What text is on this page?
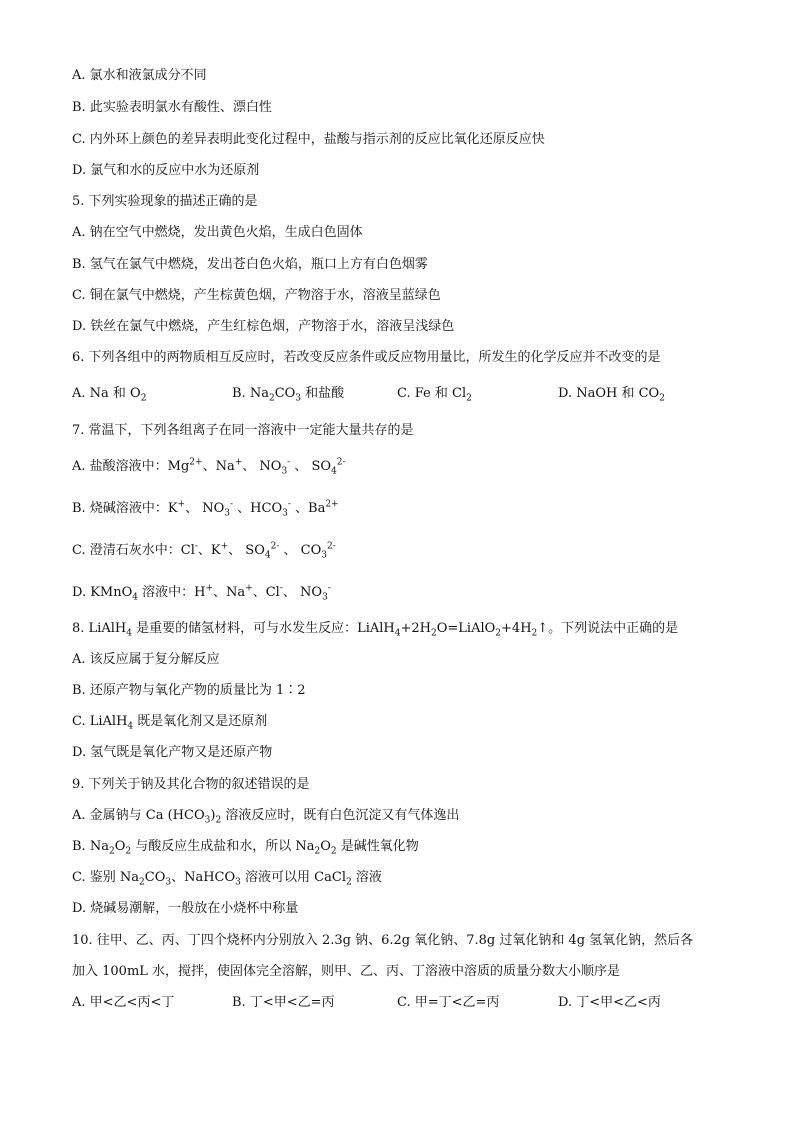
A. 氯水和液氯成分不同
B. 此实验表明氯水有酸性、漂白性
C. 内外环上颜色的差异表明此变化过程中，盐酸与指示剂的反应比氧化还原反应快
D. 氯气和水的反应中水为还原剂
5. 下列实验现象的描述正确的是
A. 钠在空气中燃烧，发出黄色火焰，生成白色固体
B. 氢气在氯气中燃烧，发出苍白色火焰，瓶口上方有白色烟雾
C. 铜在氯气中燃烧，产生棕黄色烟，产物溶于水，溶液呈蓝绿色
D. 铁丝在氯气中燃烧，产生红棕色烟，产物溶于水，溶液呈浅绿色
6. 下列各组中的两物质相互反应时，若改变反应条件或反应物用量比，所发生的化学反应并不改变的是
A. Na 和 $O_2$	B. $Na_2CO_3$ 和盐酸	C. Fe 和 $Cl_2$	D. NaOH 和 $CO_2$
7. 常温下，下列各组离子在同一溶液中一定能大量共存的是
A. 盐酸溶液中：$Mg^{2+}$、Na+、 $NO_3^-$ 、 $SO_4^{2-}$
B. 烧碱溶液中：K+、 $NO_3^-$ 、$HCO_3^-$ 、$Ba^{2+}$
C. 澄清石灰水中：Cl-、K+、 $SO_4^{2-}$ 、 $CO_3^{2-}$
D. KMnO$_4$ 溶液中：H+、Na+、Cl-、 $NO_3^-$
8. LiAlH$_4$ 是重要的储氢材料，可与水发生反应：$LiAlH_4+2H_2O=LiAlO_2+4H_2↑$。下列说法中正确的是
A. 该反应属于复分解反应
B. 还原产物与氧化产物的质量比为 1∶2
C. LiAlH$_4$ 既是氧化剂又是还原剂
D. 氢气既是氧化产物又是还原产物
9. 下列关于钠及其化合物的叙述错误的是
A. 金属钠与 Ca $(HCO_3)_2$ 溶液反应时，既有白色沉淀又有气体逸出
B. $Na_2O_2$ 与酸反应生成盐和水，所以 $Na_2O_2$ 是碱性氧化物
C. 鉴别 $Na_2CO_3$、NaHCO$_3$ 溶液可以用 CaCl$_2$ 溶液
D. 烧碱易潮解，一般放在小烧杯中称量
10. 往甲、乙、丙、丁四个烧杯内分别放入 2.3g 钠、6.2g 氧化钠、7.8g 过氧化钠和 4g 氢氧化钠，然后各
加入 100mL 水，搅拌，使固体完全溶解，则甲、乙、丙、丁溶液中溶质的质量分数大小顺序是
A. 甲<乙<丙<丁	B. 丁<甲<乙=丙	C. 甲=丁<乙=丙	D. 丁<甲<乙<丙
